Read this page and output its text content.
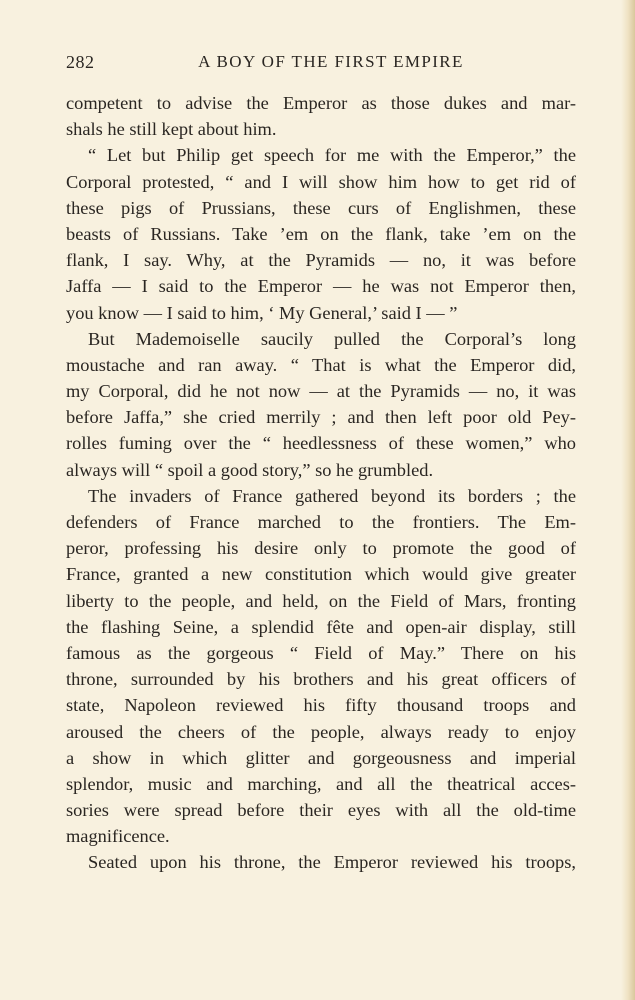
282	A BOY OF THE FIRST EMPIRE
competent to advise the Emperor as those dukes and mar-
shals he still kept about him.
“ Let but Philip get speech for me with the Emperor,” the
Corporal protested, “ and I will show him how to get rid of
these pigs of Prussians, these curs of Englishmen, these
beasts of Russians. Take ’em on the flank, take ’em on the
flank, I say. Why, at the Pyramids — no, it was before
Jaffa — I said to the Emperor — he was not Emperor then,
you know — I said to him, ‘ My General,’ said I — ”
But Mademoiselle saucily pulled the Corporal’s long
moustache and ran away. “ That is what the Emperor did,
my Corporal, did he not now — at the Pyramids — no, it was
before Jaffa,” she cried merrily ; and then left poor old Pey-
rolles fuming over the “ heedlessness of these women,” who
always will “ spoil a good story,” so he grumbled.
The invaders of France gathered beyond its borders ; the
defenders of France marched to the frontiers. The Em-
peror, professing his desire only to promote the good of
France, granted a new constitution which would give greater
liberty to the people, and held, on the Field of Mars, fronting
the flashing Seine, a splendid fête and open-air display, still
famous as the gorgeous “ Field of May.” There on his
throne, surrounded by his brothers and his great officers of
state, Napoleon reviewed his fifty thousand troops and
aroused the cheers of the people, always ready to enjoy
a show in which glitter and gorgeousness and imperial
splendor, music and marching, and all the theatrical acces-
sories were spread before their eyes with all the old-time
magnificence.
Seated upon his throne, the Emperor reviewed his troops,
